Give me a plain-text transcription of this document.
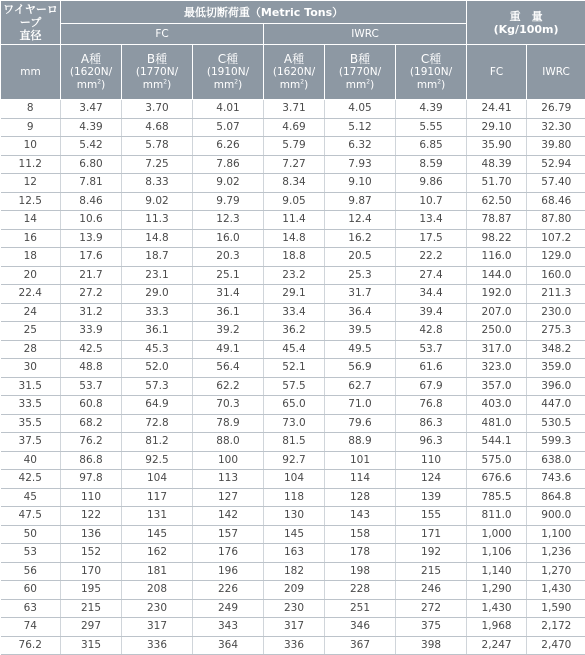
ワイヤーロープ
直径	最低切断荷重（Metric Tons）						重　量
(Kg/100m)	

	FC			IWRC				
mm	A種
(1620N/
$mm^2$)	B種
(1770N/
$mm^2$)	C種
(1910N/
$mm^2$)	A種
(1620N/
$mm^2$)	B種
(1770N/
$mm^2$)	C種
(1910N/
$mm^2$)	FC	IWRC
8	3.47	3.70	4.01	3.71	4.05	4.39	24.41	26.79
9	4.39	4.68	5.07	4.69	5.12	5.55	29.10	32.30
10	5.42	5.78	6.26	5.79	6.32	6.85	35.90	39.80
11.2	6.80	7.25	7.86	7.27	7.93	8.59	48.39	52.94
12	7.81	8.33	9.02	8.34	9.10	9.86	51.70	57.40
12.5	8.46	9.02	9.79	9.05	9.87	10.7	62.50	68.46
14	10.6	11.3	12.3	11.4	12.4	13.4	78.87	87.80
16	13.9	14.8	16.0	14.8	16.2	17.5	98.22	107.2
18	17.6	18.7	20.3	18.8	20.5	22.2	116.0	129.0
20	21.7	23.1	25.1	23.2	25.3	27.4	144.0	160.0
22.4	27.2	29.0	31.4	29.1	31.7	34.4	192.0	211.3
24	31.2	33.3	36.1	33.4	36.4	39.4	207.0	230.0
25	33.9	36.1	39.2	36.2	39.5	42.8	250.0	275.3
28	42.5	45.3	49.1	45.4	49.5	53.7	317.0	348.2
30	48.8	52.0	56.4	52.1	56.9	61.6	323.0	359.0
31.5	53.7	57.3	62.2	57.5	62.7	67.9	357.0	396.0
33.5	60.8	64.9	70.3	65.0	71.0	76.8	403.0	447.0
35.5	68.2	72.8	78.9	73.0	79.6	86.3	481.0	530.5
37.5	76.2	81.2	88.0	81.5	88.9	96.3	544.1	599.3
40	86.8	92.5	100	92.7	101	110	575.0	638.0
42.5	97.8	104	113	104	114	124	676.6	743.6
45	110	117	127	118	128	139	785.5	864.8
47.5	122	131	142	130	143	155	811.0	900.0
50	136	145	157	145	158	171	1,000	1,100
53	152	162	176	163	178	192	1,106	1,236
56	170	181	196	182	198	215	1,140	1,270
60	195	208	226	209	228	246	1,290	1,430
63	215	230	249	230	251	272	1,430	1,590
74	297	317	343	317	346	375	1,968	2,172
76.2	315	336	364	336	367	398	2,247	2,470
